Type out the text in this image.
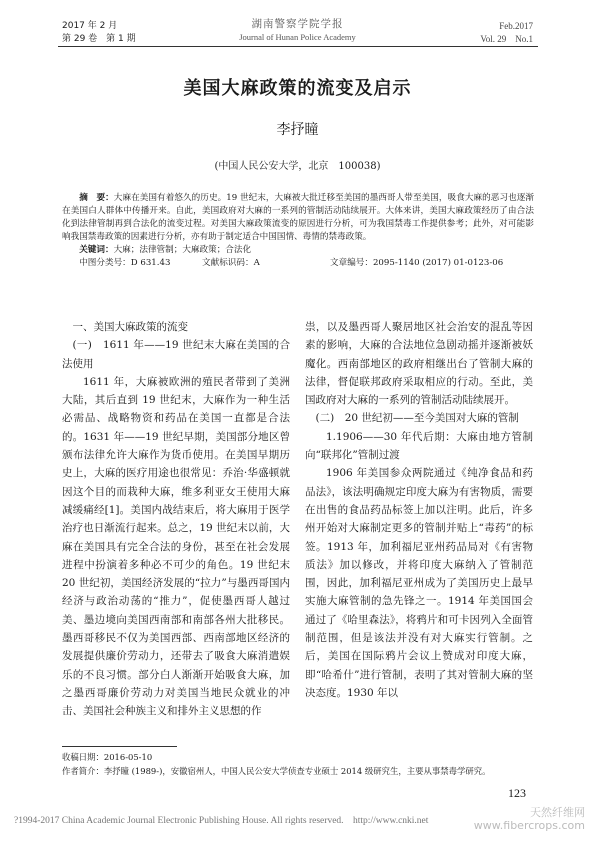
2017 年 2 月
第 29 卷　第 1 期
湖南警察学院学报
Journal of Hunan Police Academy
Feb.2017
Vol. 29　No.1
美国大麻政策的流变及启示
李抒瞳
(中国人民公安大学，北京　100038)
摘　要：大麻在美国有着悠久的历史。19 世纪末，大麻被大批迁移至美国的墨西哥人带至美国，吸食大麻的恶习也逐渐在美国白人群体中传播开来。自此，美国政府对大麻的一系列的管制活动陆续展开。大体来讲，美国大麻政策经历了由合法化到法律管制再到合法化的流变过程。对美国大麻政策流变的原因进行分析，可为我国禁毒工作提供参考；此外，对可能影响我国禁毒政策的因素进行分析，亦有助于制定适合中国国情、毒情的禁毒政策。
关键词：大麻；法律管制；大麻政策；合法化
中图分类号：D 631.43	文献标识码：A	文章编号：2095-1140 (2017) 01-0123-06

一、美国大麻政策的流变

(一)　1611 年——19 世纪末大麻在美国的合法使用

1611 年，大麻被欧洲的殖民者带到了美洲大陆，其后直到 19 世纪末，大麻作为一种生活必需品、战略物资和药品在美国一直都是合法的。1631 年——19 世纪早期，美国部分地区曾颁布法律允许大麻作为货币使用。在美国早期历史上，大麻的医疗用途也很常见：乔治·华盛顿就因这个目的而栽种大麻，维多利亚女王使用大麻减缓痛经[1]。美国内战结束后，将大麻用于医学治疗也日渐流行起来。总之，19 世纪末以前，大麻在美国具有完全合法的身份，甚至在社会发展进程中扮演着多种必不可少的角色。19 世纪末 20 世纪初，美国经济发展的“拉力”与墨西哥国内经济与政治动荡的“推力”，促使墨西哥人越过美、墨边境向美国西南部和南部各州大批移民。墨西哥移民不仅为美国西部、西南部地区经济的发展提供廉价劳动力，还带去了吸食大麻消遣娱乐的不良习惯。部分白人渐渐开始吸食大麻，加之墨西哥廉价劳动力对美国当地民众就业的冲击、美国社会种族主义和排外主义思想的作

祟，以及墨西哥人聚居地区社会治安的混乱等因素的影响，大麻的合法地位急剧动摇并逐渐被妖魔化。西南部地区的政府相继出台了管制大麻的法律，督促联邦政府采取相应的行动。至此，美国政府对大麻的一系列的管制活动陆续展开。

(二)　20 世纪初——至今美国对大麻的管制

1.1906——30 年代后期：大麻由地方管制向“联邦化”管制过渡

1906 年美国参众两院通过《纯净食品和药品法》，该法明确规定印度大麻为有害物质，需要在出售的食品药品标签上加以注明。此后，许多州开始对大麻制定更多的管制并贴上“毒药”的标签。1913 年，加利福尼亚州药品局对《有害物质法》加以修改，并将印度大麻纳入了管制范围，因此，加利福尼亚州成为了美国历史上最早实施大麻管制的急先锋之一。1914 年美国国会通过了《哈里森法》，将鸦片和可卡因列入全面管制范围，但是该法并没有对大麻实行管制。之后，美国在国际鸦片会议上赞成对印度大麻，即“哈希什”进行管制，表明了其对管制大麻的坚决态度。1930 年以

收稿日期：2016-05-10
作者简介：李抒瞳 (1989-)，安徽宿州人，中国人民公安大学侦查专业硕士 2014 级研究生，主要从事禁毒学研究。
123
?1994-2017 China Academic Journal Electronic Publishing House. All rights reserved.　http://www.cnki.net
天然纤维网 www.fibercrops.com
